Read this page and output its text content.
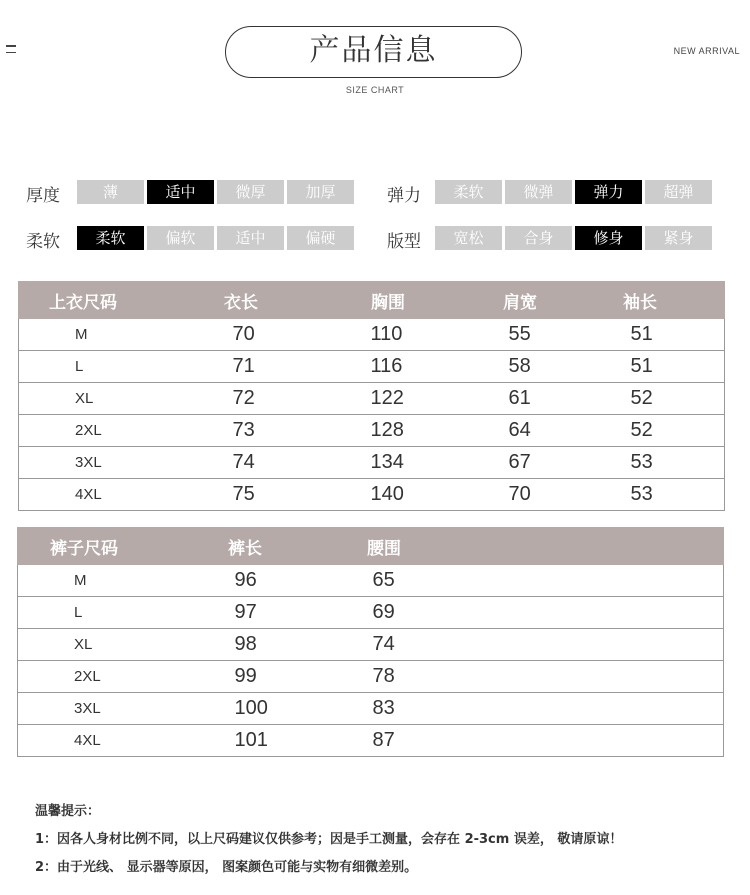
产品信息
SIZE CHART
NEW ARRIVAL
厚度	薄	适中	微厚	加厚	弹力	柔软	微弹	弹力	超弹
柔软	柔软	偏软	适中	偏硬	版型	宽松	合身	修身	紧身
上衣尺码	衣长	胸围	肩宽	袖长
M	70	110	55	51
L	71	116	58	51
XL	72	122	61	52
2XL	73	128	64	52
3XL	74	134	67	53
4XL	75	140	70	53
裤子尺码	裤长	腰围	
M	96	65	
L	97	69	
XL	98	74	
2XL	99	78	
3XL	100	83	
4XL	101	87	
温馨提示：
1：因各人身材比例不同，以上尺码建议仅供参考；因是手工测量，会存在 2-3cm 误差， 敬请原谅！
2：由于光线、 显示器等原因， 图案颜色可能与实物有细微差别。
